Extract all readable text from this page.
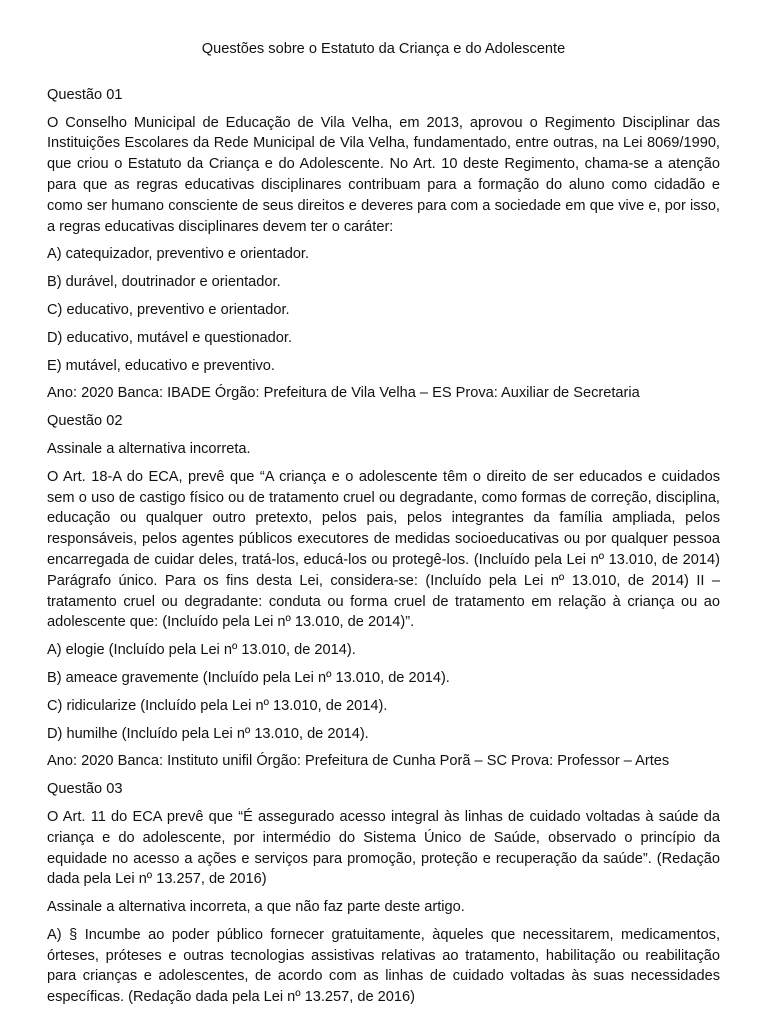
Questões sobre o Estatuto da Criança e do Adolescente

Questão 01

O Conselho Municipal de Educação de Vila Velha, em 2013, aprovou o Regimento Disciplinar das Instituições Escolares da Rede Municipal de Vila Velha, fundamentado, entre outras, na Lei 8069/1990, que criou o Estatuto da Criança e do Adolescente. No Art. 10 deste Regimento, chama-se a atenção para que as regras educativas disciplinares contribuam para a formação do aluno como cidadão e como ser humano consciente de seus direitos e deveres para com a sociedade em que vive e, por isso, a regras educativas disciplinares devem ter o caráter:

A) catequizador, preventivo e orientador.

B) durável, doutrinador e orientador.

C) educativo, preventivo e orientador.

D) educativo, mutável e questionador.

E) mutável, educativo e preventivo.

Ano: 2020 Banca: IBADE Órgão: Prefeitura de Vila Velha – ES Prova: Auxiliar de Secretaria

Questão 02

Assinale a alternativa incorreta.

O Art. 18-A do ECA, prevê que “A criança e o adolescente têm o direito de ser educados e cuidados sem o uso de castigo físico ou de tratamento cruel ou degradante, como formas de correção, disciplina, educação ou qualquer outro pretexto, pelos pais, pelos integrantes da família ampliada, pelos responsáveis, pelos agentes públicos executores de medidas socioeducativas ou por qualquer pessoa encarregada de cuidar deles, tratá-los, educá-los ou protegê-los. (Incluído pela Lei nº 13.010, de 2014) Parágrafo único. Para os fins desta Lei, considera-se: (Incluído pela Lei nº 13.010, de 2014) II – tratamento cruel ou degradante: conduta ou forma cruel de tratamento em relação à criança ou ao adolescente que: (Incluído pela Lei nº 13.010, de 2014)”.

A) elogie (Incluído pela Lei nº 13.010, de 2014).

B) ameace gravemente (Incluído pela Lei nº 13.010, de 2014).

C) ridicularize (Incluído pela Lei nº 13.010, de 2014).

D) humilhe (Incluído pela Lei nº 13.010, de 2014).

Ano: 2020 Banca: Instituto unifil Órgão: Prefeitura de Cunha Porã – SC Prova: Professor – Artes

Questão 03

O Art. 11 do ECA prevê que “É assegurado acesso integral às linhas de cuidado voltadas à saúde da criança e do adolescente, por intermédio do Sistema Único de Saúde, observado o princípio da equidade no acesso a ações e serviços para promoção, proteção e recuperação da saúde”. (Redação dada pela Lei nº 13.257, de 2016)

Assinale a alternativa incorreta, a que não faz parte deste artigo.

A) § Incumbe ao poder público fornecer gratuitamente, àqueles que necessitarem, medicamentos, órteses, próteses e outras tecnologias assistivas relativas ao tratamento, habilitação ou reabilitação para crianças e adolescentes, de acordo com as linhas de cuidado voltadas às suas necessidades específicas. (Redação dada pela Lei nº 13.257, de 2016)
